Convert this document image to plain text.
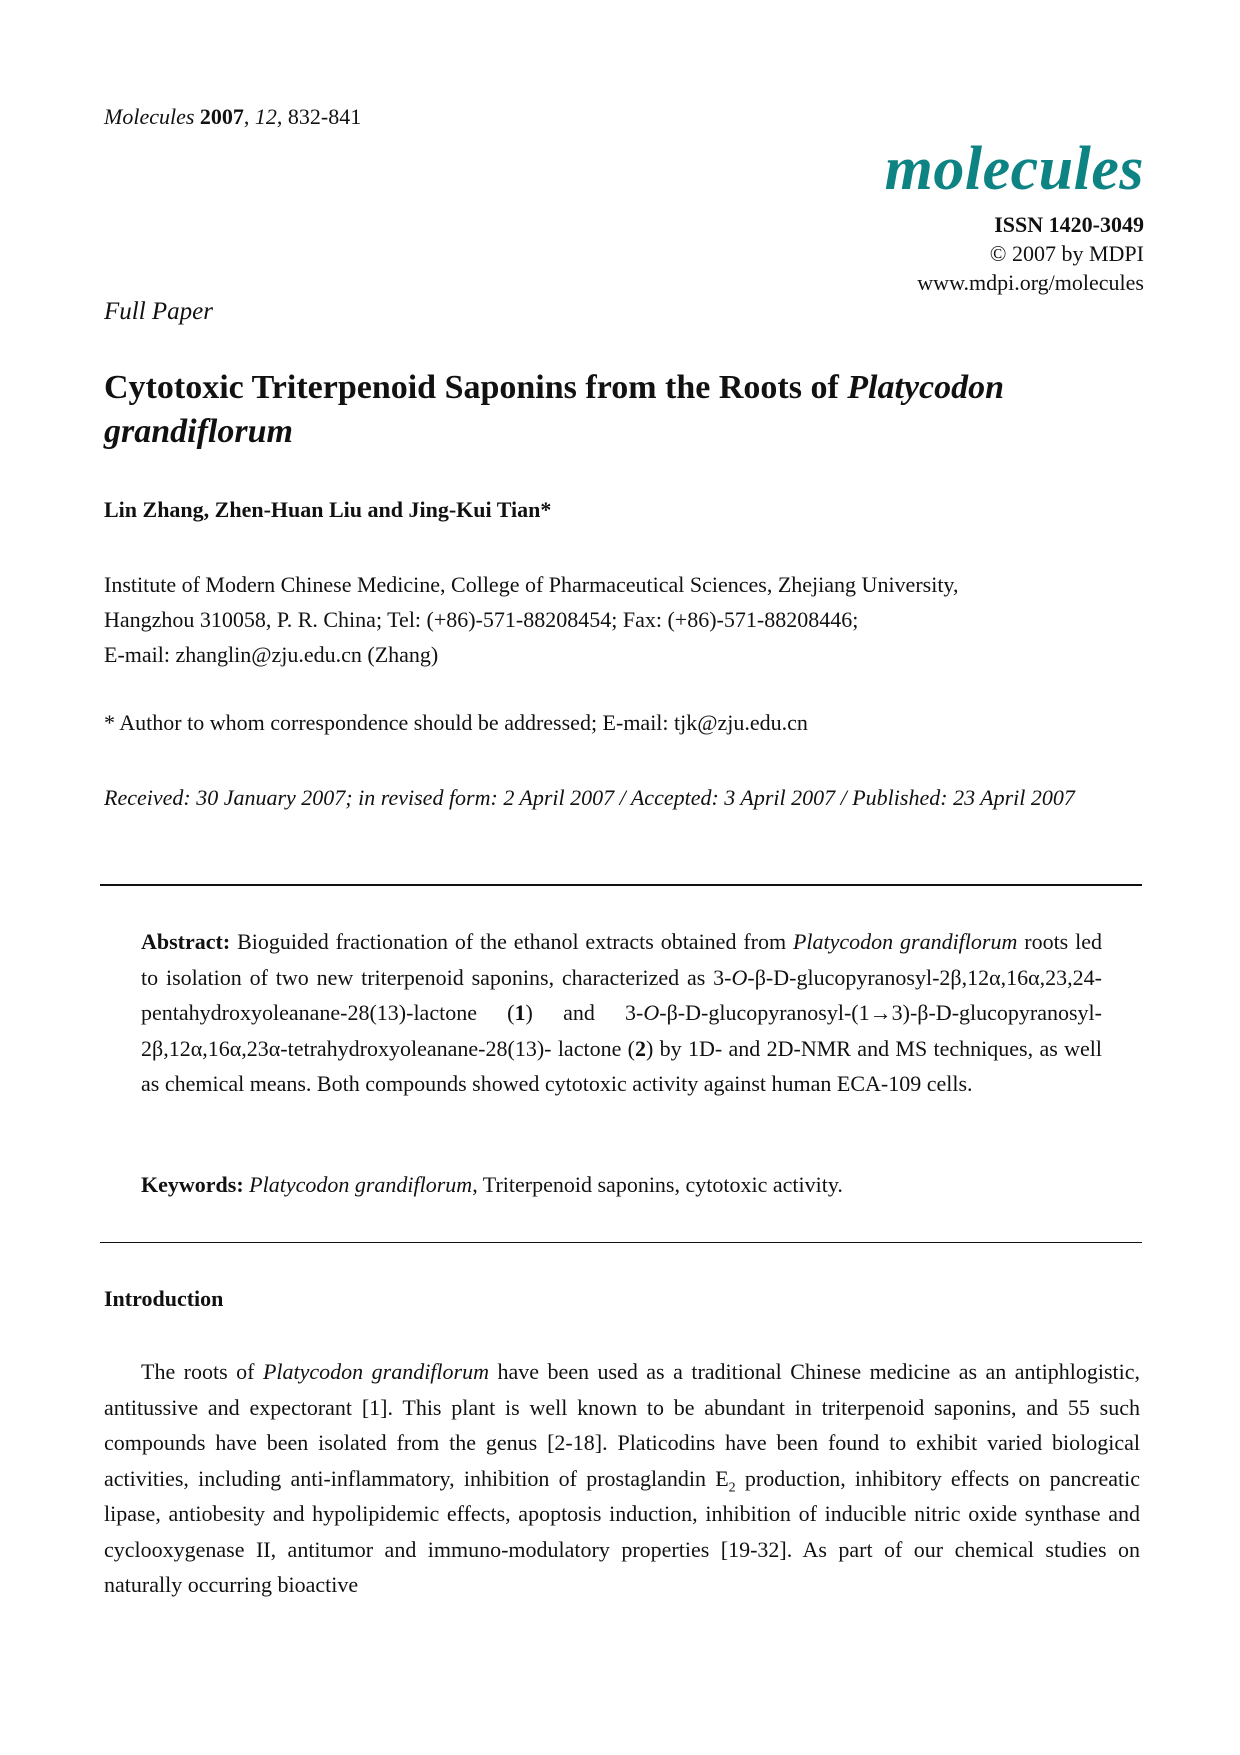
Molecules 2007, 12, 832-841
molecules
ISSN 1420-3049
© 2007 by MDPI
www.mdpi.org/molecules
Full Paper
Cytotoxic Triterpenoid Saponins from the Roots of Platycodon grandiflorum
Lin Zhang, Zhen-Huan Liu and Jing-Kui Tian*
Institute of Modern Chinese Medicine, College of Pharmaceutical Sciences, Zhejiang University,
Hangzhou 310058, P. R. China; Tel: (+86)-571-88208454; Fax: (+86)-571-88208446;
E-mail: zhanglin@zju.edu.cn (Zhang)
* Author to whom correspondence should be addressed; E-mail: tjk@zju.edu.cn
Received: 30 January 2007; in revised form: 2 April 2007 / Accepted: 3 April 2007 / Published: 23 April 2007
Abstract: Bioguided fractionation of the ethanol extracts obtained from Platycodon grandiflorum roots led to isolation of two new triterpenoid saponins, characterized as 3-O-β-D-glucopyranosyl-2β,12α,16α,23,24-pentahydroxyoleanane-28(13)-lactone (1) and 3-O-β-D-glucopyranosyl-(1→3)-β-D-glucopyranosyl-2β,12α,16α,23α-tetrahydroxyoleanane-28(13)- lactone (2) by 1D- and 2D-NMR and MS techniques, as well as chemical means. Both compounds showed cytotoxic activity against human ECA-109 cells.
Keywords: Platycodon grandiflorum, Triterpenoid saponins, cytotoxic activity.
Introduction
The roots of Platycodon grandiflorum have been used as a traditional Chinese medicine as an antiphlogistic, antitussive and expectorant [1]. This plant is well known to be abundant in triterpenoid saponins, and 55 such compounds have been isolated from the genus [2-18]. Platicodins have been found to exhibit varied biological activities, including anti-inflammatory, inhibition of prostaglandin $E_2$ production, inhibitory effects on pancreatic lipase, antiobesity and hypolipidemic effects, apoptosis induction, inhibition of inducible nitric oxide synthase and cyclooxygenase II, antitumor and immuno-modulatory properties [19-32]. As part of our chemical studies on naturally occurring bioactive
